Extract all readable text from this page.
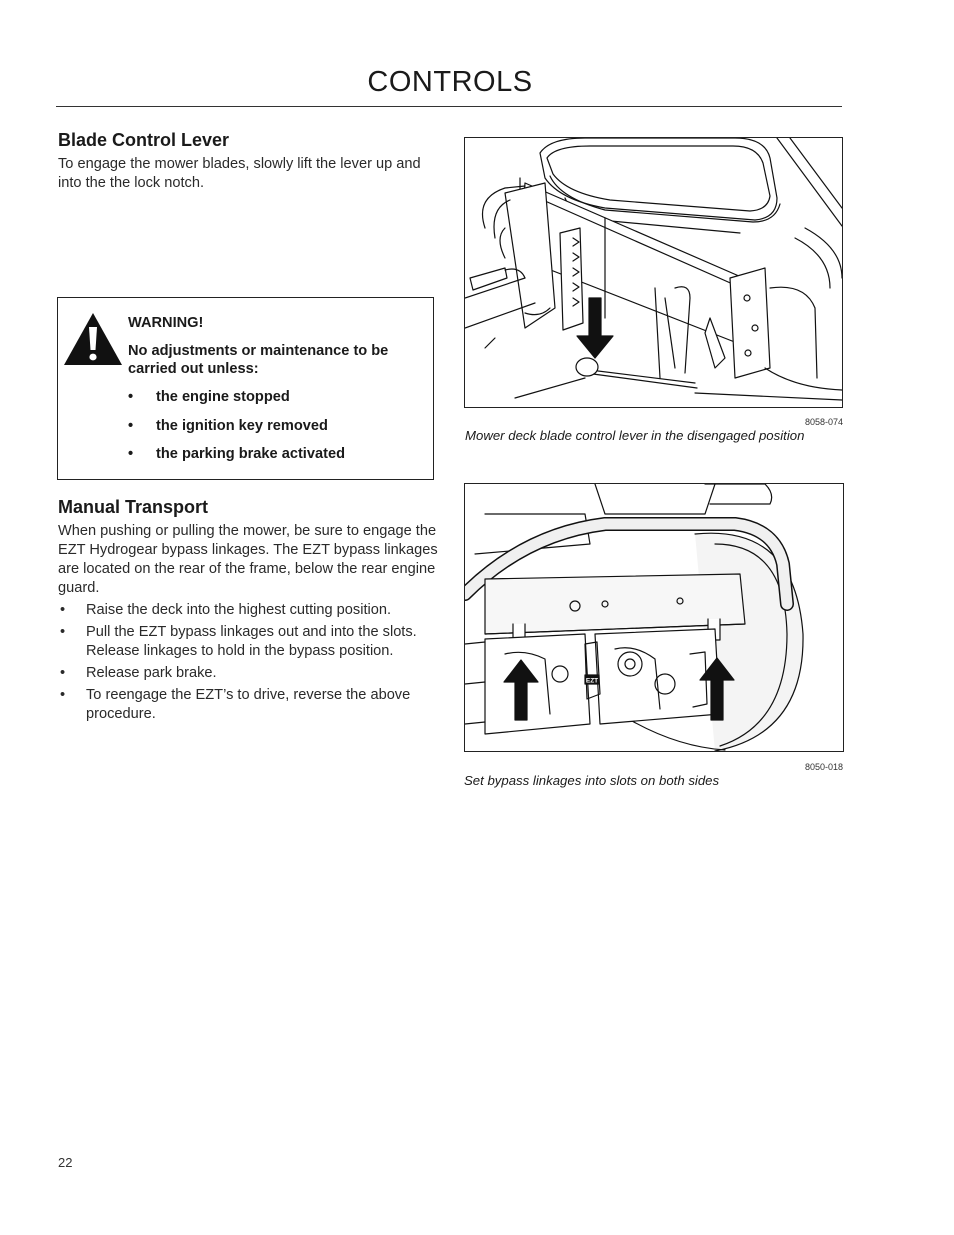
CONTROLS
Blade Control Lever

To engage the mower blades, slowly lift the lever up and into the the lock notch.

WARNING!

No adjustments or maintenance to be carried out unless:

• the engine stopped
• the ignition key removed
• the parking brake activated
Manual Transport

When pushing or pulling the mower, be sure to engage the EZT Hydrogear bypass linkages. The EZT bypass linkages are located on the rear of the frame, below the rear engine guard.

• Raise the deck into the highest cutting position.
• Pull the EZT bypass linkages out and into the slots. Release linkages to hold in the bypass position.
• Release park brake.
• To reengage the EZT’s to drive, reverse the above procedure.
8058-074

Mower deck blade control lever in the disengaged position

EZT
8050-018

Set bypass linkages into slots on both sides

22
